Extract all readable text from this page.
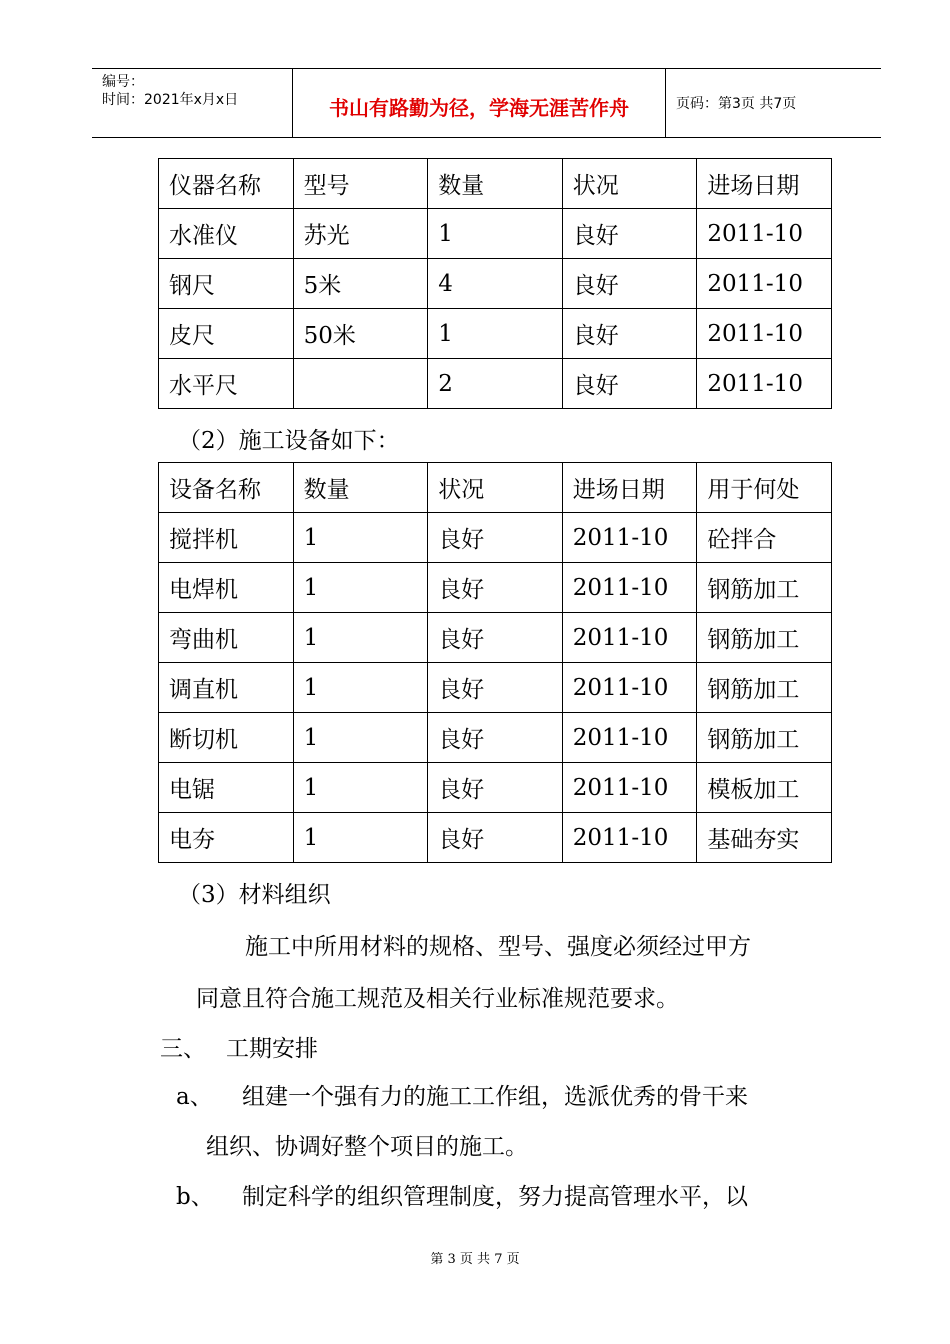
编号：
时间：2021年x月x日	书山有路勤为径，学海无涯苦作舟	页码：第3页 共7页
仪器名称	型号	数量	状况	进场日期
水准仪	苏光	1	良好	2011-10
钢尺	5米	4	良好	2011-10
皮尺	50米	1	良好	2011-10
水平尺		2	良好	2011-10
（2）施工设备如下：
设备名称	数量	状况	进场日期	用于何处
搅拌机	1	良好	2011-10	砼拌合
电焊机	1	良好	2011-10	钢筋加工
弯曲机	1	良好	2011-10	钢筋加工
调直机	1	良好	2011-10	钢筋加工
断切机	1	良好	2011-10	钢筋加工
电锯	1	良好	2011-10	模板加工
电夯	1	良好	2011-10	基础夯实
（3）材料组织
施工中所用材料的规格、型号、强度必须经过甲方
同意且符合施工规范及相关行业标准规范要求。
三、 工期安排
a、 组建一个强有力的施工工作组，选派优秀的骨干来
组织、协调好整个项目的施工。
b、 制定科学的组织管理制度，努力提高管理水平，以
第 3 页 共 7 页
